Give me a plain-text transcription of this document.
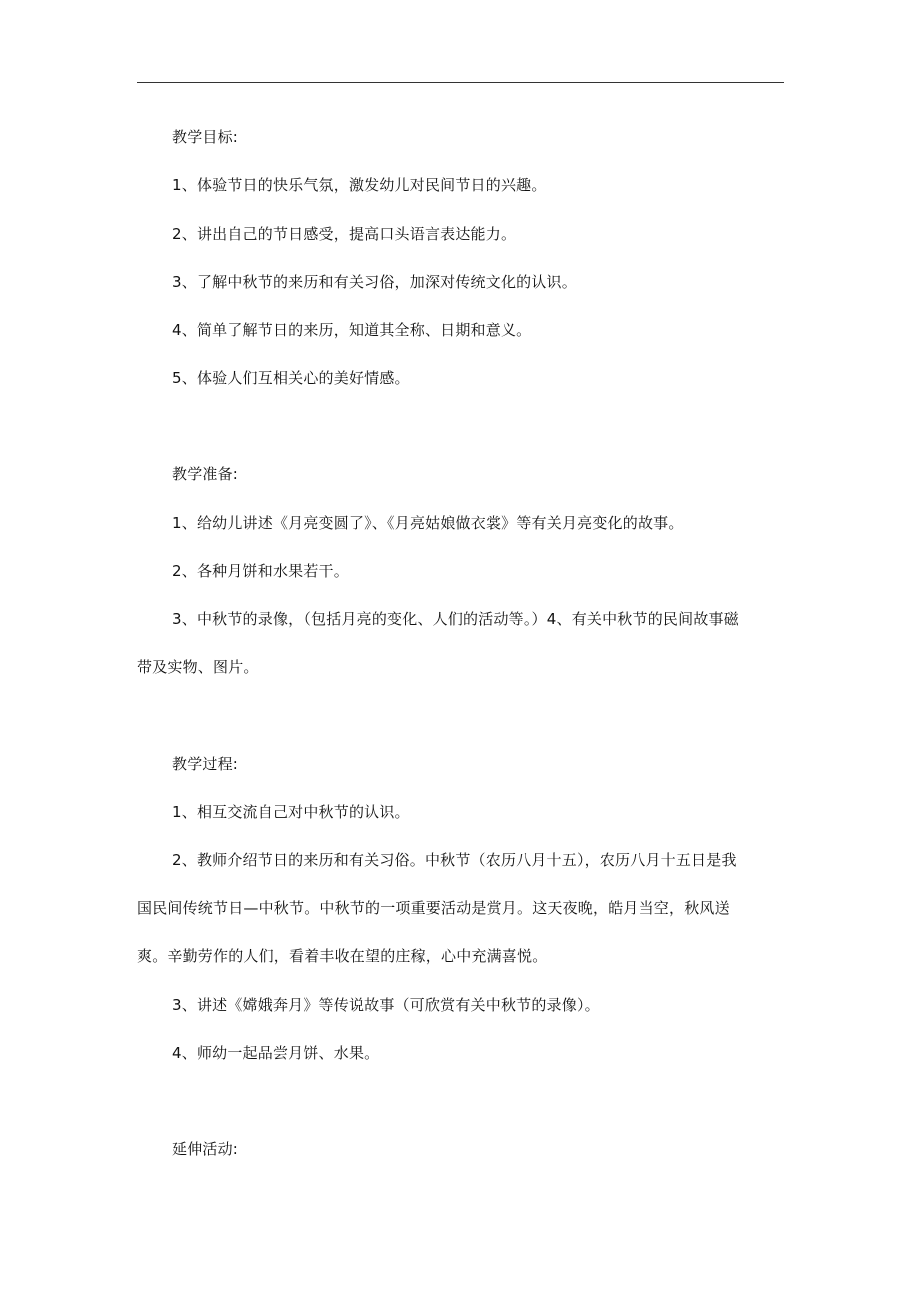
教学目标:
1、体验节日的快乐气氛，激发幼儿对民间节日的兴趣。
2、讲出自己的节日感受，提高口头语言表达能力。
3、了解中秋节的来历和有关习俗，加深对传统文化的认识。
4、简单了解节日的来历，知道其全称、日期和意义。
5、体验人们互相关心的美好情感。
教学准备:
1、给幼儿讲述《月亮变圆了》、《月亮姑娘做衣裳》等有关月亮变化的故事。
2、各种月饼和水果若干。
3、中秋节的录像，（包括月亮的变化、人们的活动等。）4、有关中秋节的民间故事磁
带及实物、图片。
教学过程:
1、相互交流自己对中秋节的认识。
2、教师介绍节日的来历和有关习俗。中秋节（农历八月十五），农历八月十五日是我
国民间传统节日—中秋节。中秋节的一项重要活动是赏月。这天夜晚，皓月当空，秋风送
爽。辛勤劳作的人们，看着丰收在望的庄稼，心中充满喜悦。
3、讲述《嫦娥奔月》等传说故事（可欣赏有关中秋节的录像）。
4、师幼一起品尝月饼、水果。
延伸活动:
